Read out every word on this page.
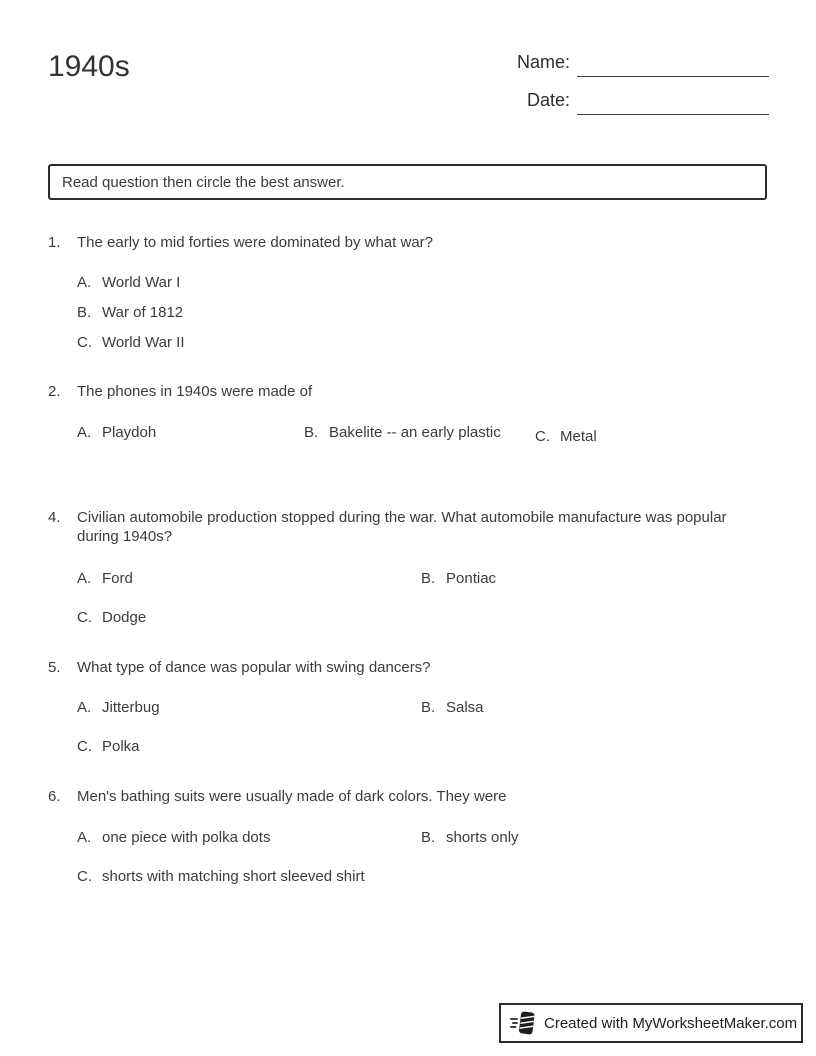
1940s	Name:
Date:
Read question then circle the best answer.
1.	The early to mid forties were dominated by what war?
A. World War I
B. War of 1812
C. World War II
2.	The phones in 1940s were made of
A. Playdoh	B. Bakelite -- an early plastic C. Metal
4.	Civilian automobile production stopped during the war. What automobile manufacture was popular during 1940s?
A. Ford	B. Pontiac
C. Dodge
5.	What type of dance was popular with swing dancers?
A. Jitterbug	B. Salsa
C. Polka
6.	Men's bathing suits were usually made of dark colors. They were
A. one piece with polka dots	B. shorts only
C. shorts with matching short sleeved shirt
Created with MyWorksheetMaker.com
